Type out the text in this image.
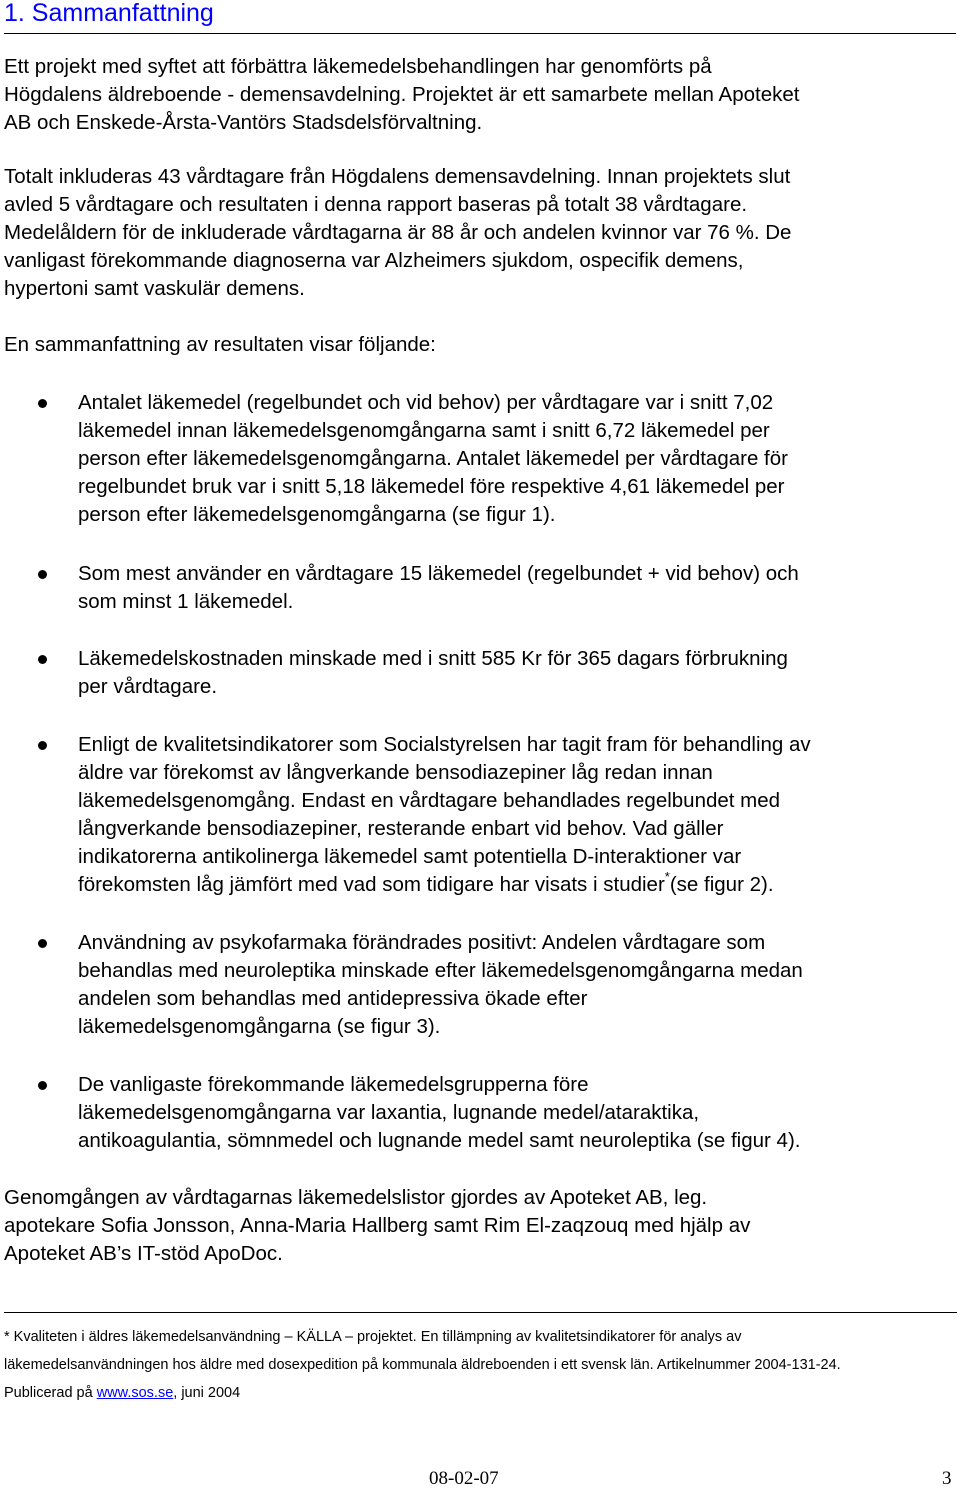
1. Sammanfattning
Ett projekt med syftet att förbättra läkemedelsbehandlingen har genomförts på
Högdalens äldreboende - demensavdelning. Projektet är ett samarbete mellan Apoteket
AB och Enskede-Årsta-Vantörs Stadsdelsförvaltning.
Totalt inkluderas 43 vårdtagare från Högdalens demensavdelning. Innan projektets slut
avled 5 vårdtagare och resultaten i denna rapport baseras på totalt 38 vårdtagare.
Medelåldern för de inkluderade vårdtagarna är 88 år och andelen kvinnor var 76 %. De
vanligast förekommande diagnoserna var Alzheimers sjukdom, ospecifik demens,
hypertoni samt vaskulär demens.
En sammanfattning av resultaten visar följande:
Antalet läkemedel (regelbundet och vid behov) per vårdtagare var i snitt 7,02
läkemedel innan läkemedelsgenomgångarna samt i snitt 6,72 läkemedel per
person efter läkemedelsgenomgångarna. Antalet läkemedel per vårdtagare för
regelbundet bruk var i snitt 5,18 läkemedel före respektive 4,61 läkemedel per
person efter läkemedelsgenomgångarna (se figur 1).
Som mest använder en vårdtagare 15 läkemedel (regelbundet + vid behov) och
som minst 1 läkemedel.
Läkemedelskostnaden minskade med i snitt 585 Kr för 365 dagars förbrukning
per vårdtagare.
Enligt de kvalitetsindikatorer som Socialstyrelsen har tagit fram för behandling av
äldre var förekomst av långverkande bensodiazepiner låg redan innan
läkemedelsgenomgång. Endast en vårdtagare behandlades regelbundet med
långverkande bensodiazepiner, resterande enbart vid behov. Vad gäller
indikatorerna antikolinerga läkemedel samt potentiella D-interaktioner var
förekomsten låg jämfört med vad som tidigare har visats i studier*(se figur 2).
Användning av psykofarmaka förändrades positivt: Andelen vårdtagare som
behandlas med neuroleptika minskade efter läkemedelsgenomgångarna medan
andelen som behandlas med antidepressiva ökade efter
läkemedelsgenomgångarna (se figur 3).
De vanligaste förekommande läkemedelsgrupperna före
läkemedelsgenomgångarna var laxantia, lugnande medel/ataraktika,
antikoagulantia, sömnmedel och lugnande medel samt neuroleptika (se figur 4).
Genomgången av vårdtagarnas läkemedelslistor gjordes av Apoteket AB, leg.
apotekare Sofia Jonsson, Anna-Maria Hallberg samt Rim El-zaqzouq med hjälp av
Apoteket AB’s IT-stöd ApoDoc.
* Kvaliteten i äldres läkemedelsanvändning – KÄLLA – projektet. En tillämpning av kvalitetsindikatorer för analys av
läkemedelsanvändningen hos äldre med dosexpedition på kommunala äldreboenden i ett svensk län. Artikelnummer 2004-131-24.
Publicerad på www.sos.se, juni 2004
08-02-07	3
